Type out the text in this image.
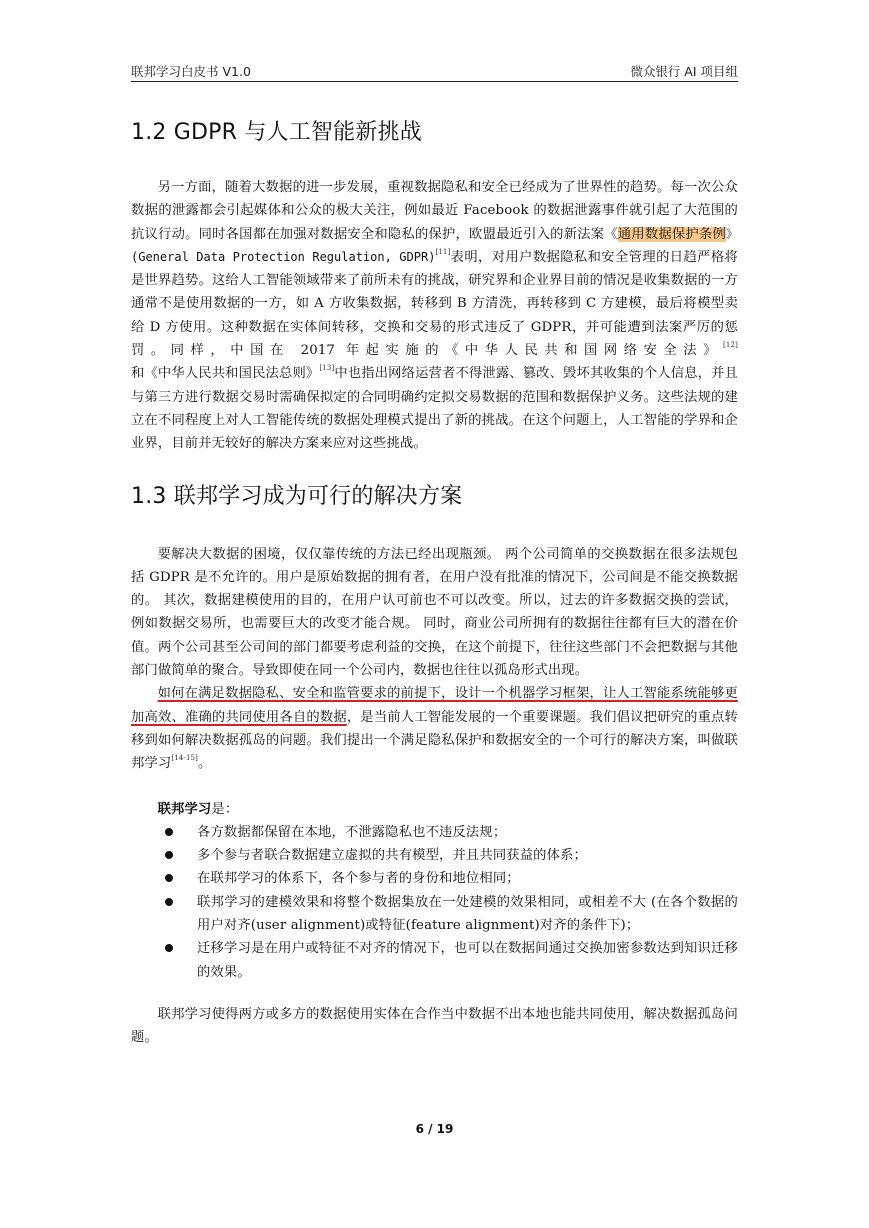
联邦学习白皮书 V1.0	微众银行 AI 项目组
1.2 GDPR 与人工智能新挑战

另一方面，随着大数据的进一步发展，重视数据隐私和安全已经成为了世界性的趋势。每一次公众数据的泄露都会引起媒体和公众的极大关注，例如最近 Facebook 的数据泄露事件就引起了大范围的抗议行动。同时各国都在加强对数据安全和隐私的保护，欧盟最近引入的新法案《通用数据保护条例》(General Data Protection Regulation, GDPR)[11]表明，对用户数据隐私和安全管理的日趋严格将是世界趋势。这给人工智能领域带来了前所未有的挑战，研究界和企业界目前的情况是收集数据的一方通常不是使用数据的一方，如 A 方收集数据，转移到 B 方清洗，再转移到 C 方建模，最后将模型卖给 D 方使用。这种数据在实体间转移，交换和交易的形式违反了 GDPR，并可能遭到法案严厉的惩罚。同样，中国在 2017 年起实施的《中华人民共和国网络安全法》[12]和《中华人民共和国民法总则》[13]中也指出网络运营者不得泄露、篡改、毁坏其收集的个人信息，并且与第三方进行数据交易时需确保拟定的合同明确约定拟交易数据的范围和数据保护义务。这些法规的建立在不同程度上对人工智能传统的数据处理模式提出了新的挑战。在这个问题上，人工智能的学界和企业界，目前并无较好的解决方案来应对这些挑战。

1.3 联邦学习成为可行的解决方案

要解决大数据的困境，仅仅靠传统的方法已经出现瓶颈。 两个公司简单的交换数据在很多法规包括 GDPR 是不允许的。用户是原始数据的拥有者，在用户没有批准的情况下，公司间是不能交换数据的。 其次，数据建模使用的目的，在用户认可前也不可以改变。所以，过去的许多数据交换的尝试，例如数据交易所，也需要巨大的改变才能合规。 同时，商业公司所拥有的数据往往都有巨大的潜在价值。两个公司甚至公司间的部门都要考虑利益的交换，在这个前提下，往往这些部门不会把数据与其他部门做简单的聚合。导致即使在同一个公司内，数据也往往以孤岛形式出现。

如何在满足数据隐私、安全和监管要求的前提下，设计一个机器学习框架，让人工智能系统能够更加高效、准确的共同使用各自的数据，是当前人工智能发展的一个重要课题。我们倡议把研究的重点转移到如何解决数据孤岛的问题。我们提出一个满足隐私保护和数据安全的一个可行的解决方案，叫做联邦学习[14-15]。

联邦学习是：

各方数据都保留在本地，不泄露隐私也不违反法规；
多个参与者联合数据建立虚拟的共有模型，并且共同获益的体系；
在联邦学习的体系下，各个参与者的身份和地位相同；
联邦学习的建模效果和将整个数据集放在一处建模的效果相同，或相差不大 (在各个数据的用户对齐(user alignment)或特征(feature alignment)对齐的条件下)；
迁移学习是在用户或特征不对齐的情况下，也可以在数据间通过交换加密参数达到知识迁移的效果。

联邦学习使得两方或多方的数据使用实体在合作当中数据不出本地也能共同使用，解决数据孤岛问题。

6 / 19
